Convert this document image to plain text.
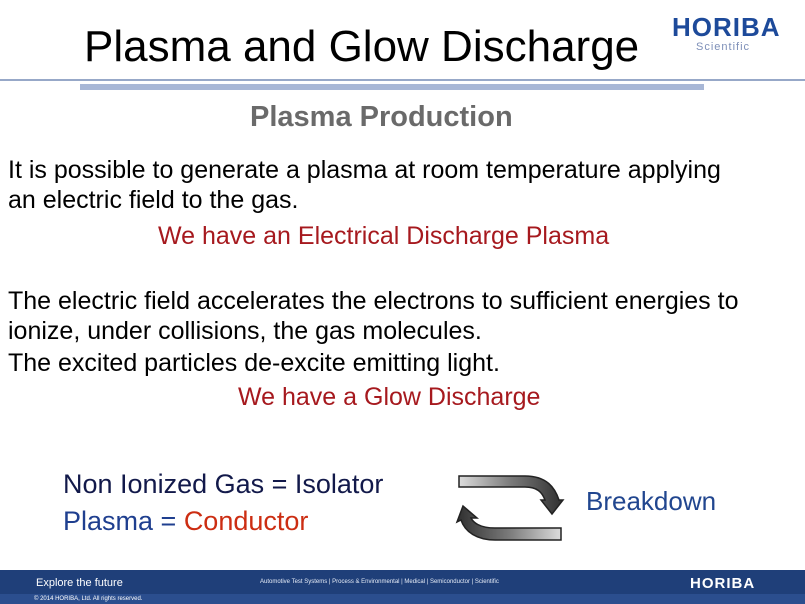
Plasma and Glow Discharge HORIBA
Scientific
Plasma Production
It is possible to generate a plasma at room temperature applying
an electric field to the gas.
We have an Electrical Discharge Plasma
The electric field accelerates the electrons to sufficient energies to
ionize, under collisions, the gas molecules.
The excited particles de-excite emitting light.
We have a Glow Discharge
Non Ionized Gas = Isolator
Plasma = Conductor
Breakdown
Explore the future	Automotive Test Systems | Process & Environmental | Medical | Semiconductor | Scientific	HORIBA
© 2014 HORIBA, Ltd. All rights reserved.
